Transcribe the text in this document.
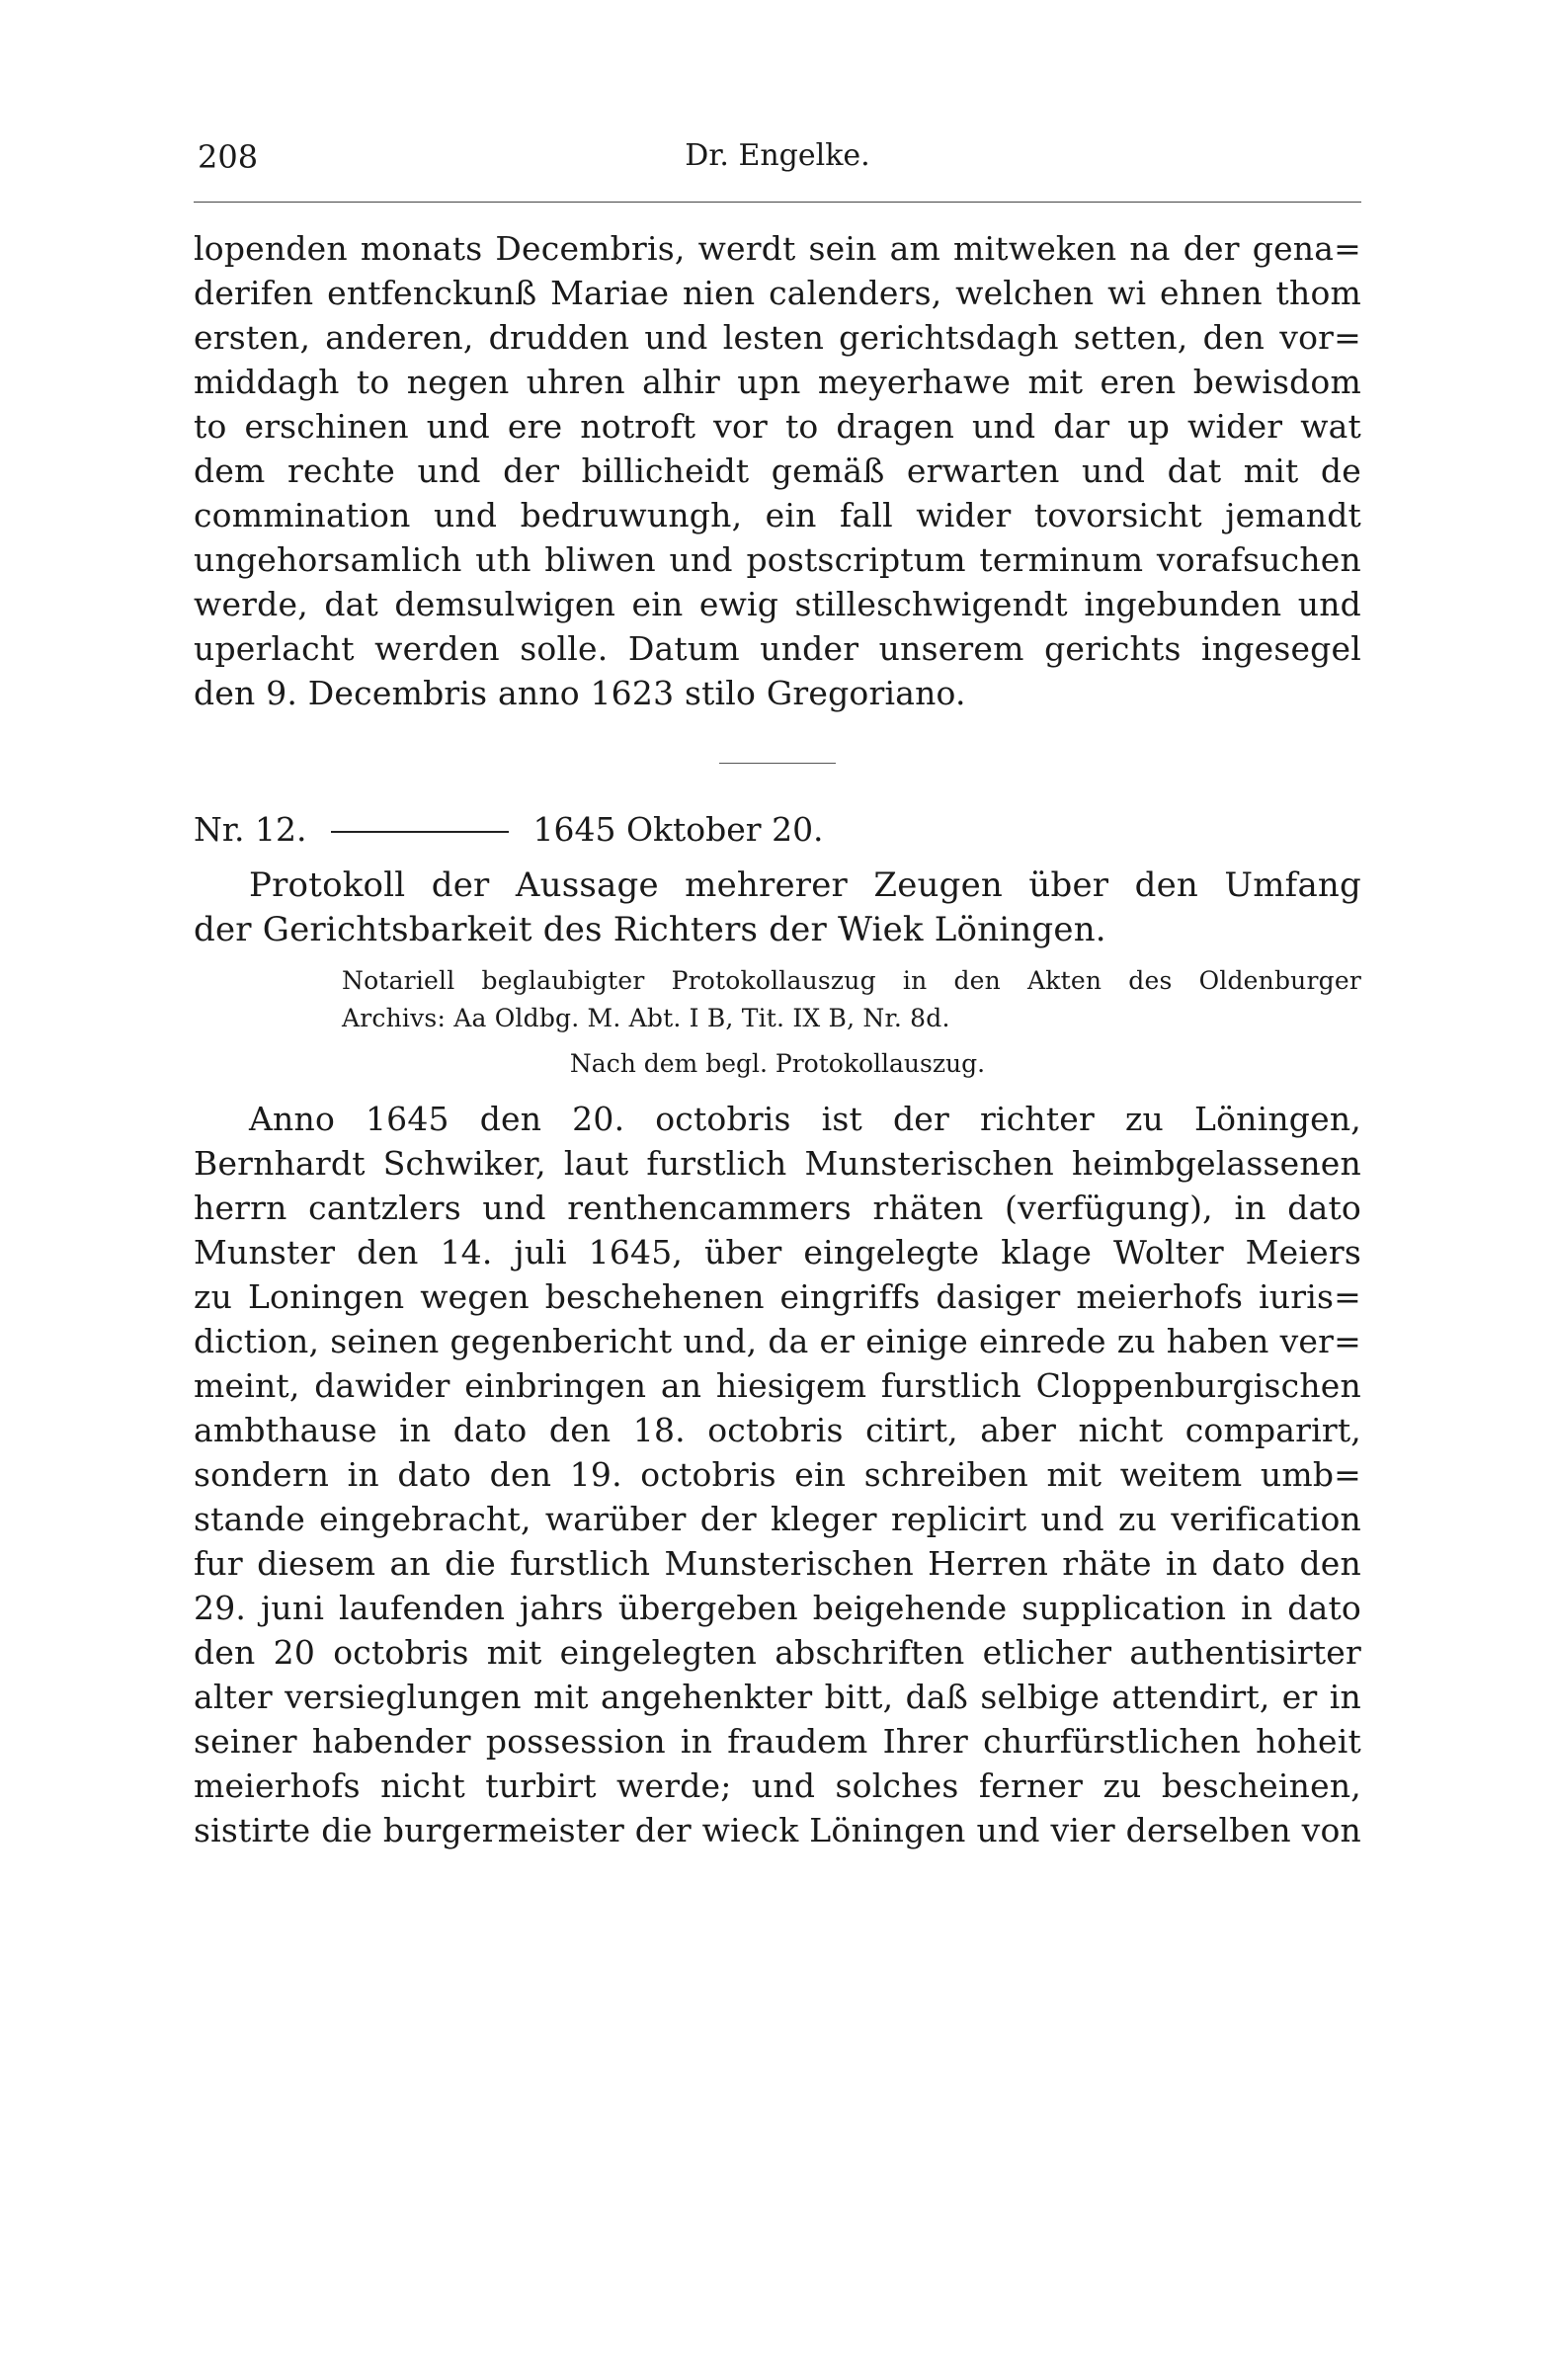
208	Dr. Engelke.
lopenden monats Decembris, werdt sein am mitweken na der gena=
derifen entfenckunß Mariae nien calenders, welchen wi ehnen thom
ersten, anderen, drudden und lesten gerichtsdagh setten, den vor=
middagh to negen uhren alhir upn meyerhawe mit eren bewisdom
to erschinen und ere notroft vor to dragen und dar up wider wat
dem rechte und der billicheidt gemäß erwarten und dat mit de
commination und bedruwungh, ein fall wider tovorsicht jemandt
ungehorsamlich uth bliwen und postscriptum terminum vorafsuchen
werde, dat demsulwigen ein ewig stilleschwigendt ingebunden und
uperlacht werden solle. Datum under unserem gerichts ingesegel
den 9. Decembris anno 1623 stilo Gregoriano.
Nr. 12.	1645 Oktober 20.
Protokoll der Aussage mehrerer Zeugen über den Umfang
der Gerichtsbarkeit des Richters der Wiek Löningen.
Notariell beglaubigter Protokollauszug in den Akten des Oldenburger
Archivs: Aa Oldbg. M. Abt. I B, Tit. IX B, Nr. 8d.
Nach dem begl. Protokollauszug.
Anno 1645 den 20. octobris ist der richter zu Löningen,
Bernhardt Schwiker, laut furstlich Munsterischen heimbgelassenen
herrn cantzlers und renthencammers rhäten (verfügung), in dato
Munster den 14. juli 1645, über eingelegte klage Wolter Meiers
zu Loningen wegen beschehenen eingriffs dasiger meierhofs iuris=
diction, seinen gegenbericht und, da er einige einrede zu haben ver=
meint, dawider einbringen an hiesigem furstlich Cloppenburgischen
ambthause in dato den 18. octobris citirt, aber nicht comparirt,
sondern in dato den 19. octobris ein schreiben mit weitem umb=
stande eingebracht, warüber der kleger replicirt und zu verification
fur diesem an die furstlich Munsterischen Herren rhäte in dato den
29. juni laufenden jahrs übergeben beigehende supplication in dato
den 20 octobris mit eingelegten abschriften etlicher authentisirter
alter versieglungen mit angehenkter bitt, daß selbige attendirt, er in
seiner habender possession in fraudem Ihrer churfürstlichen hoheit
meierhofs nicht turbirt werde; und solches ferner zu bescheinen,
sistirte die burgermeister der wieck Löningen und vier derselben von
